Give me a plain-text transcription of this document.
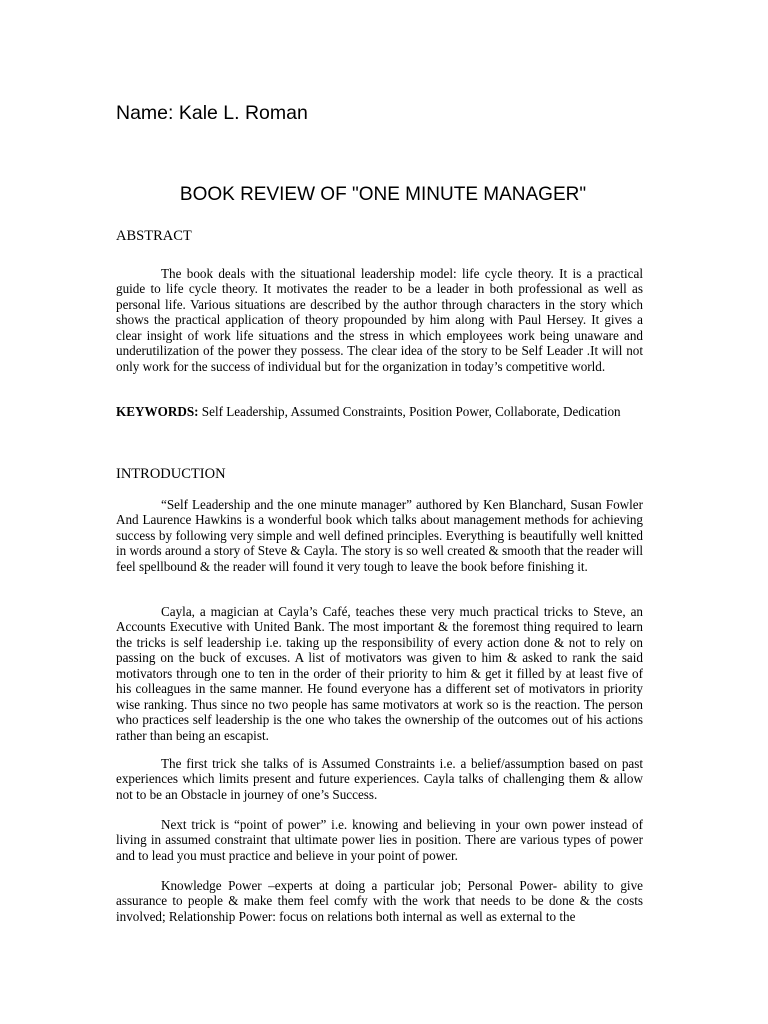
Name: Kale L. Roman

BOOK REVIEW OF "ONE MINUTE MANAGER"
ABSTRACT

The book deals with the situational leadership model: life cycle theory. It is a practical guide to life cycle theory. It motivates the reader to be a leader in both professional as well as personal life. Various situations are described by the author through characters in the story which shows the practical application of theory propounded by him along with Paul Hersey. It gives a clear insight of work life situations and the stress in which employees work being unaware and underutilization of the power they possess. The clear idea of the story to be Self Leader .It will not only work for the success of individual but for the organization in today’s competitive world.

KEYWORDS: Self Leadership, Assumed Constraints, Position Power, Collaborate, Dedication

INTRODUCTION

“Self Leadership and the one minute manager” authored by Ken Blanchard, Susan Fowler And Laurence Hawkins is a wonderful book which talks about management methods for achieving success by following very simple and well defined principles. Everything is beautifully well knitted in words around a story of Steve & Cayla. The story is so well created & smooth that the reader will feel spellbound & the reader will found it very tough to leave the book before finishing it.

Cayla, a magician at Cayla’s Café, teaches these very much practical tricks to Steve, an Accounts Executive with United Bank. The most important & the foremost thing required to learn the tricks is self leadership i.e. taking up the responsibility of every action done & not to rely on passing on the buck of excuses. A list of motivators was given to him & asked to rank the said motivators through one to ten in the order of their priority to him & get it filled by at least five of his colleagues in the same manner. He found everyone has a different set of motivators in priority wise ranking. Thus since no two people has same motivators at work so is the reaction. The person who practices self leadership is the one who takes the ownership of the outcomes out of his actions rather than being an escapist.

The first trick she talks of is Assumed Constraints i.e. a belief/assumption based on past experiences which limits present and future experiences. Cayla talks of challenging them & allow not to be an Obstacle in journey of one’s Success.

Next trick is “point of power” i.e. knowing and believing in your own power instead of living in assumed constraint that ultimate power lies in position. There are various types of power and to lead you must practice and believe in your point of power.

Knowledge Power –experts at doing a particular job; Personal Power- ability to give assurance to people & make them feel comfy with the work that needs to be done & the costs involved; Relationship Power: focus on relations both internal as well as external to the
